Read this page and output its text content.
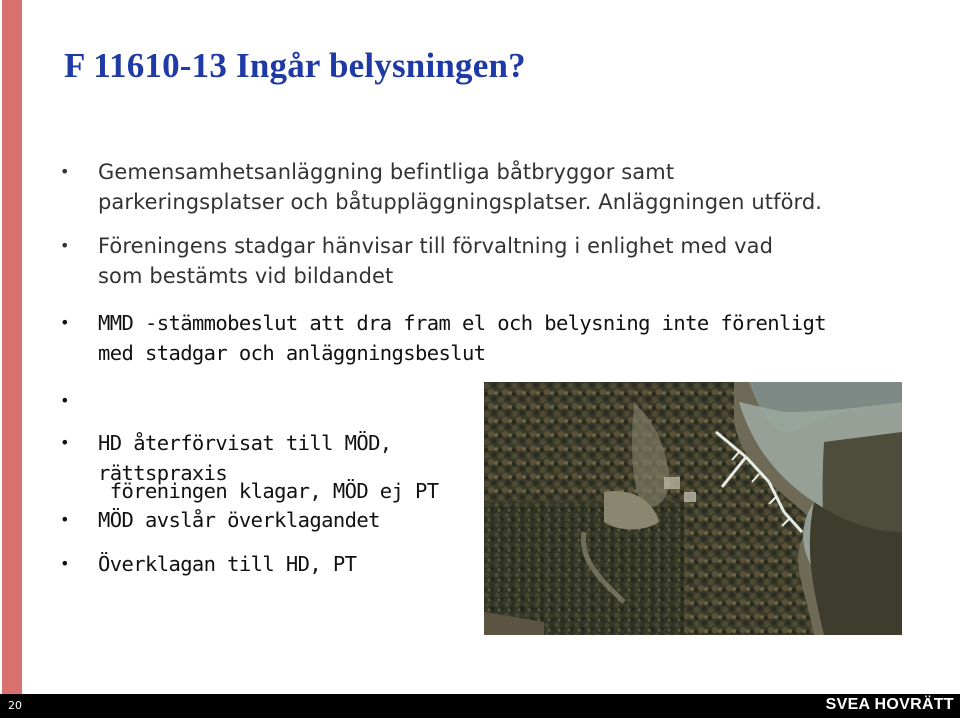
F 11610-13 Ingår belysningen?
•	Gemensamhetsanläggning befintliga båtbryggor samt
parkeringsplatser och båtuppläggningsplatser. Anläggningen utförd.
•	Föreningens stadgar hänvisar till förvaltning i enlighet med vad
som bestämts vid bildandet
•	MMD -stämmobeslut att dra fram el och belysning inte förenligt
med stadgar och anläggningsbeslut

•

föreningen klagar, MÖD ej PT

•	HD återförvisat till MÖD,
rättspraxis
•	MÖD avslår överklagandet
•	Överklagan till HD, PT
20	SVEA HOVRÄTT
